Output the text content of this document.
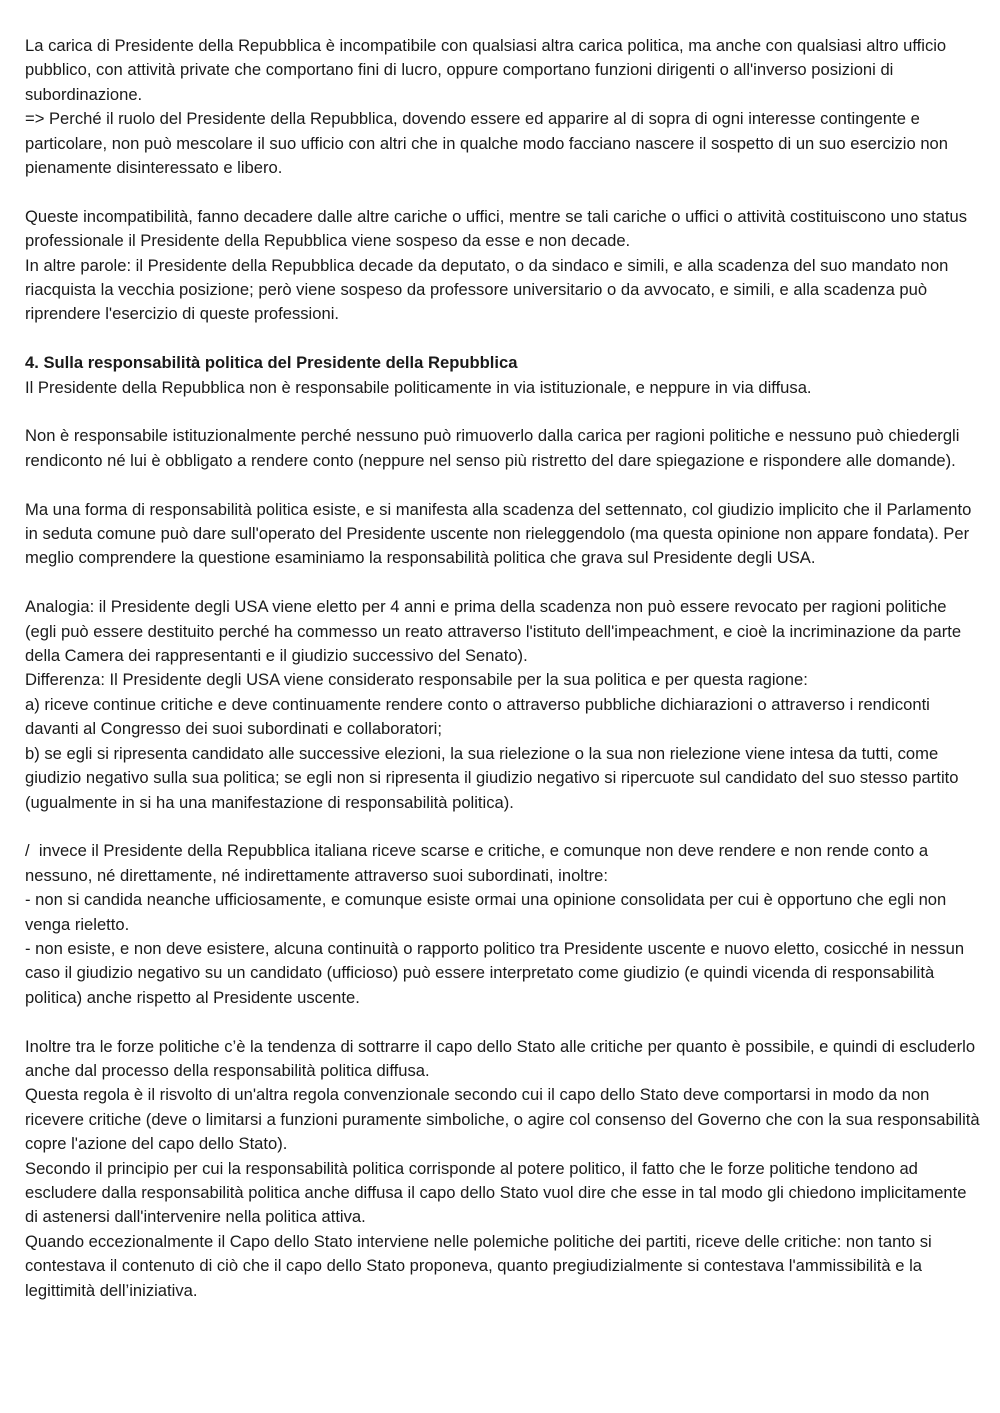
La carica di Presidente della Repubblica è incompatibile con qualsiasi altra carica politica, ma anche con qualsiasi altro ufficio pubblico, con attività private che comportano fini di lucro, oppure comportano funzioni dirigenti o all'inverso posizioni di subordinazione.
=> Perché il ruolo del Presidente della Repubblica, dovendo essere ed apparire al di sopra di ogni interesse contingente e particolare, non può mescolare il suo ufficio con altri che in qualche modo facciano nascere il sospetto di un suo esercizio non pienamente disinteressato e libero.
Queste incompatibilità, fanno decadere dalle altre cariche o uffici, mentre se tali cariche o uffici o attività costituiscono uno status professionale il Presidente della Repubblica viene sospeso da esse e non decade.
In altre parole: il Presidente della Repubblica decade da deputato, o da sindaco e simili, e alla scadenza del suo mandato non riacquista la vecchia posizione; però viene sospeso da professore universitario o da avvocato, e simili, e alla scadenza può riprendere l'esercizio di queste professioni.
4. Sulla responsabilità politica del Presidente della Repubblica
Il Presidente della Repubblica non è responsabile politicamente in via istituzionale, e neppure in via diffusa.
Non è responsabile istituzionalmente perché nessuno può rimuoverlo dalla carica per ragioni politiche e nessuno può chiedergli rendiconto né lui è obbligato a rendere conto (neppure nel senso più ristretto del dare spiegazione e rispondere alle domande).
Ma una forma di responsabilità politica esiste, e si manifesta alla scadenza del settennato, col giudizio implicito che il Parlamento in seduta comune può dare sull'operato del Presidente uscente non rieleggendolo (ma questa opinione non appare fondata). Per meglio comprendere la questione esaminiamo la responsabilità politica che grava sul Presidente degli USA.
Analogia: il Presidente degli USA viene eletto per 4 anni e prima della scadenza non può essere revocato per ragioni politiche (egli può essere destituito perché ha commesso un reato attraverso l'istituto dell'impeachment, e cioè la incriminazione da parte della Camera dei rappresentanti e il giudizio successivo del Senato).
Differenza: Il Presidente degli USA viene considerato responsabile per la sua politica e per questa ragione:
a) riceve continue critiche e deve continuamente rendere conto o attraverso pubbliche dichiarazioni o attraverso i rendiconti davanti al Congresso dei suoi subordinati e collaboratori;
b) se egli si ripresenta candidato alle successive elezioni, la sua rielezione o la sua non rielezione viene intesa da tutti, come giudizio negativo sulla sua politica; se egli non si ripresenta il giudizio negativo si ripercuote sul candidato del suo stesso partito (ugualmente in si ha una manifestazione di responsabilità politica).
/  invece il Presidente della Repubblica italiana riceve scarse e critiche, e comunque non deve rendere e non rende conto a nessuno, né direttamente, né indirettamente attraverso suoi subordinati, inoltre:
- non si candida neanche ufficiosamente, e comunque esiste ormai una opinione consolidata per cui è opportuno che egli non venga rieletto.
- non esiste, e non deve esistere, alcuna continuità o rapporto politico tra Presidente uscente e nuovo eletto, cosicché in nessun caso il giudizio negativo su un candidato (ufficioso) può essere interpretato come giudizio (e quindi vicenda di responsabilità politica) anche rispetto al Presidente uscente.
Inoltre tra le forze politiche c’è la tendenza di sottrarre il capo dello Stato alle critiche per quanto è possibile, e quindi di escluderlo anche dal processo della responsabilità politica diffusa.
Questa regola è il risvolto di un'altra regola convenzionale secondo cui il capo dello Stato deve comportarsi in modo da non ricevere critiche (deve o limitarsi a funzioni puramente simboliche, o agire col consenso del Governo che con la sua responsabilità copre l'azione del capo dello Stato).
Secondo il principio per cui la responsabilità politica corrisponde al potere politico, il fatto che le forze politiche tendono ad escludere dalla responsabilità politica anche diffusa il capo dello Stato vuol dire che esse in tal modo gli chiedono implicitamente di astenersi dall'intervenire nella politica attiva.
Quando eccezionalmente il Capo dello Stato interviene nelle polemiche politiche dei partiti, riceve delle critiche: non tanto si contestava il contenuto di ciò che il capo dello Stato proponeva, quanto pregiudizialmente si contestava l'ammissibilità e la legittimità dell’iniziativa.
